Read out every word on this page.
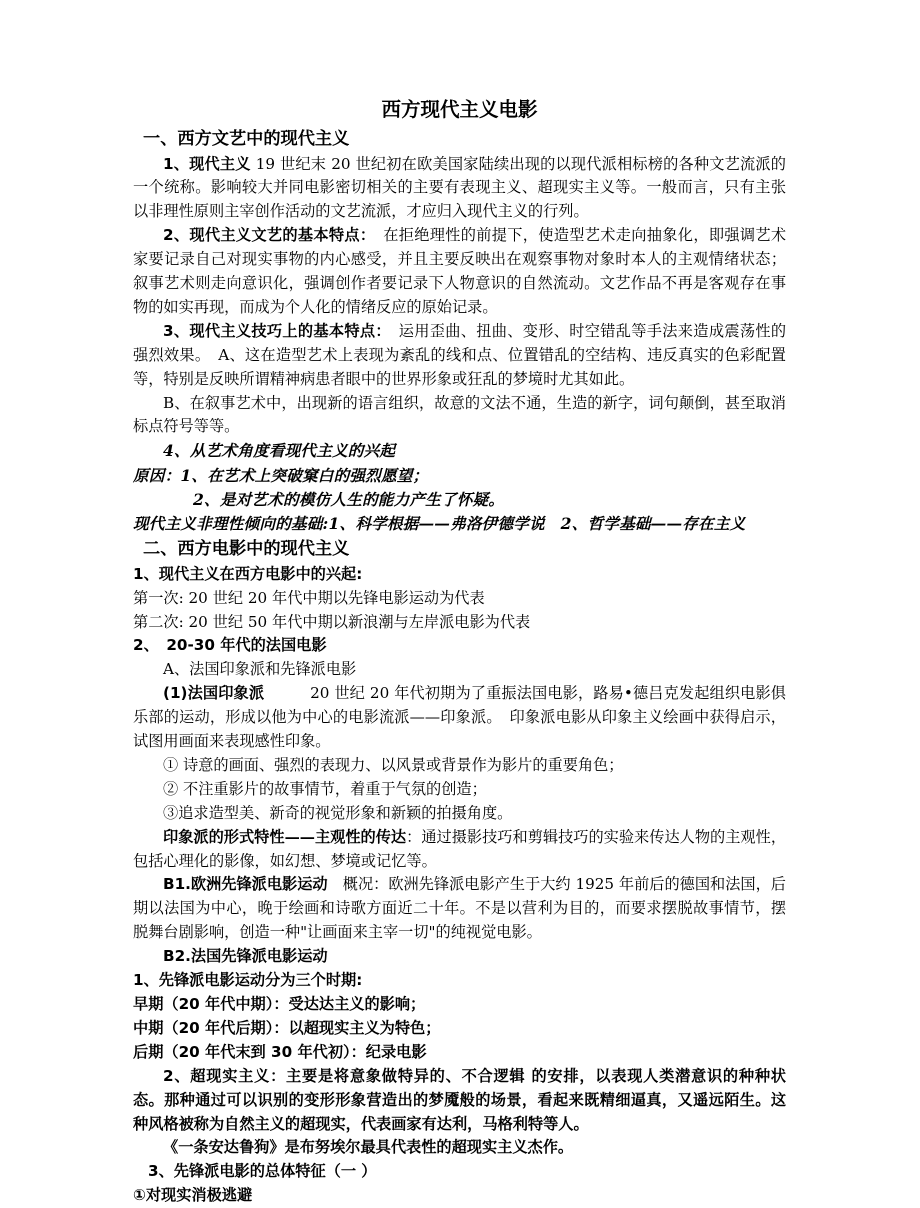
西方现代主义电影
一、西方文艺中的现代主义

1、现代主义 19 世纪末 20 世纪初在欧美国家陆续出现的以现代派相标榜的各种文艺流派的一个统称。影响较大并同电影密切相关的主要有表现主义、超现实主义等。一般而言，只有主张以非理性原则主宰创作活动的文艺流派，才应归入现代主义的行列。

2、现代主义文艺的基本特点：　在拒绝理性的前提下，使造型艺术走向抽象化，即强调艺术家要记录自己对现实事物的内心感受，并且主要反映出在观察事物对象时本人的主观情绪状态；叙事艺术则走向意识化，强调创作者要记录下人物意识的自然流动。文艺作品不再是客观存在事物的如实再现，而成为个人化的情绪反应的原始记录。

3、现代主义技巧上的基本特点：　运用歪曲、扭曲、变形、时空错乱等手法来造成震荡性的强烈效果。　A、这在造型艺术上表现为紊乱的线和点、位置错乱的空结构、违反真实的色彩配置等，特别是反映所谓精神病患者眼中的世界形象或狂乱的梦境时尤其如此。

B、在叙事艺术中，出现新的语言组织，故意的文法不通，生造的新字，词句颠倒，甚至取消标点符号等等。

4、从艺术角度看现代主义的兴起
原因：1、在艺术上突破窠白的强烈愿望；
2、是对艺术的模仿人生的能力产生了怀疑。
现代主义非理性倾向的基础:1、科学根据——弗洛伊德学说　2、哲学基础——存在主义
二、西方电影中的现代主义
1、现代主义在西方电影中的兴起:
第一次: 20 世纪 20 年代中期以先锋电影运动为代表
第二次: 20 世纪 50 年代中期以新浪潮与左岸派电影为代表
2、　20-30 年代的法国电影
A、法国印象派和先锋派电影

(1)法国印象派　　　20 世纪 20 年代初期为了重振法国电影，路易•德吕克发起组织电影俱乐部的运动，形成以他为中心的电影流派——印象派。　印象派电影从印象主义绘画中获得启示，试图用画面来表现感性印象。

① 诗意的画面、强烈的表现力、以风景或背景作为影片的重要角色；
② 不注重影片的故事情节，着重于气氛的创造；
③追求造型美、新奇的视觉形象和新颖的拍摄角度。

印象派的形式特性——主观性的传达：通过摄影技巧和剪辑技巧的实验来传达人物的主观性，包括心理化的影像，如幻想、梦境或记忆等。

B1.欧洲先锋派电影运动　概况：欧洲先锋派电影产生于大约 1925 年前后的德国和法国，后期以法国为中心，晚于绘画和诗歌方面近二十年。不是以营利为目的，而要求摆脱故事情节，摆脱舞台剧影响，创造一种"让画面来主宰一切"的纯视觉电影。

B2.法国先锋派电影运动
1、先锋派电影运动分为三个时期:
早期（20 年代中期）：受达达主义的影响；
中期（20 年代后期）：以超现实主义为特色；
后期（20 年代末到 30 年代初）：纪录电影

2、超现实主义：主要是将意象做特异的、不合逻辑 的安排，以表现人类潜意识的种种状态。那种通过可以识别的变形形象营造出的梦魇般的场景，看起来既精细逼真，又遥远陌生。这种风格被称为自然主义的超现实，代表画家有达利，马格利特等人。

《一条安达鲁狗》是布努埃尔最具代表性的超现实主义杰作。
3、先锋派电影的总体特征（一 ）
①对现实消极逃避
